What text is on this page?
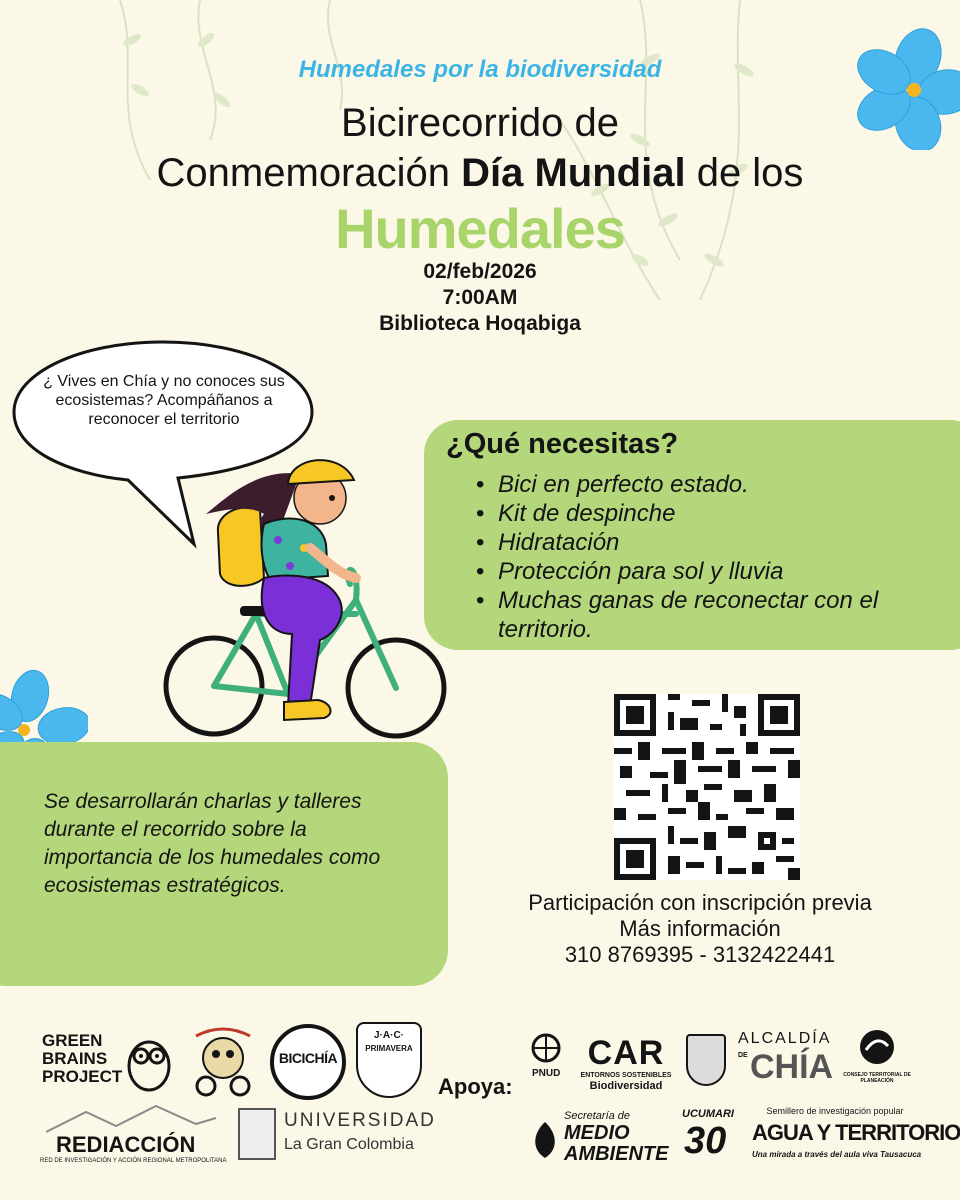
Humedales por la biodiversidad
Bicirecorrido de
Conmemoración Día Mundial de los
Humedales
02/feb/2026
7:00AM
Biblioteca Hoqabiga
¿ Vives en Chía y no conoces sus ecosistemas? Acompáñanos a reconocer el territorio
¿Qué necesitas?
• Bici en perfecto estado.
• Kit de despinche
• Hidratación
• Protección para sol y lluvia
• Muchas ganas de reconectar con el territorio.
Se desarrollarán charlas y talleres durante el recorrido sobre la importancia de los humedales como ecosistemas estratégicos.
Participación con inscripción previa
Más información
310 8769395 - 3132422441
GREEN
BRAINS
PROJECT
BICICHÍA
J·A·C·
PRIMAVERA
REDIACCIÓN
RED DE INVESTIGACIÓN Y ACCIÓN REGIONAL METROPOLITANA
UNIVERSIDAD
La Gran Colombia
Apoya:
PNUD
CAR
ENTORNOS SOSTENIBLES
Biodiversidad
ALCALDÍA
DE CHÍA CONSEJO TERRITORIAL DE PLANEACIÓN
Secretaría de
MEDIO
AMBIENTE
UCUMARI
30
Semillero de investigación popular
AGUA Y TERRITORIO
Una mirada a través del aula viva Tausacuca
